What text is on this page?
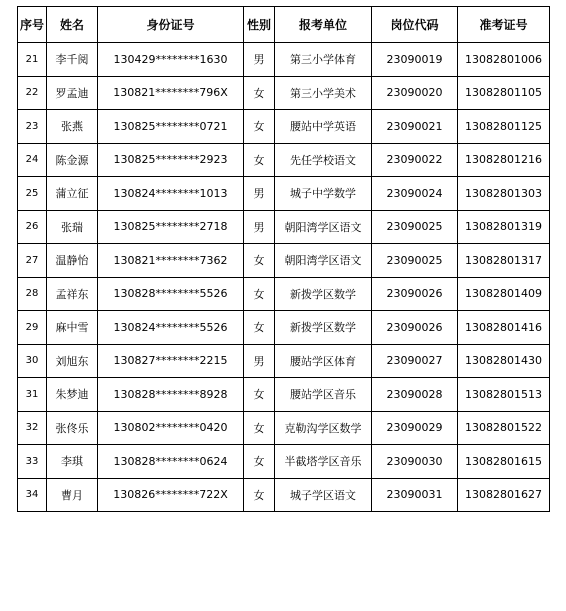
序号	姓名	身份证号	性别	报考单位	岗位代码	准考证号
21	李千阅	130429********1630	男	第三小学体育	23090019	13082801006
22	罗孟迪	130821********796X	女	第三小学美术	23090020	13082801105
23	张燕	130825********0721	女	腰站中学英语	23090021	13082801125
24	陈金源	130825********2923	女	先任学校语文	23090022	13082801216
25	蒲立征	130824********1013	男	城子中学数学	23090024	13082801303
26	张瑞	130825********2718	男	朝阳湾学区语文	23090025	13082801319
27	温静怡	130821********7362	女	朝阳湾学区语文	23090025	13082801317
28	孟祥东	130828********5526	女	新拨学区数学	23090026	13082801409
29	麻中雪	130824********5526	女	新拨学区数学	23090026	13082801416
30	刘旭东	130827********2215	男	腰站学区体育	23090027	13082801430
31	朱梦迪	130828********8928	女	腰站学区音乐	23090028	13082801513
32	张佟乐	130802********0420	女	克勒沟学区数学	23090029	13082801522
33	李琪	130828********0624	女	半截塔学区音乐	23090030	13082801615
34	曹月	130826********722X	女	城子学区语文	23090031	13082801627
